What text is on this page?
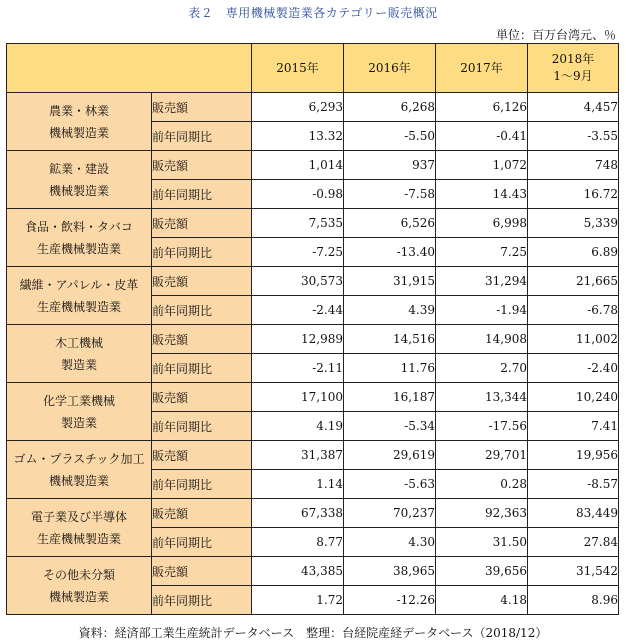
表２　専用機械製造業各カテゴリー販売概況
単位：百万台湾元、％
		2015年	2016年	2017年	2018年
1～9月
農業・林業
機械製造業	販売額	6,293	6,268	6,126	4,457
	前年同期比	13.32	-5.50	-0.41	-3.55
鉱業・建設
機械製造業	販売額	1,014	937	1,072	748
	前年同期比	-0.98	-7.58	14.43	16.72
食品・飲料・タバコ
生産機械製造業	販売額	7,535	6,526	6,998	5,339
	前年同期比	-7.25	-13.40	7.25	6.89
繊維・アパレル・皮革
生産機械製造業	販売額	30,573	31,915	31,294	21,665
	前年同期比	-2.44	4.39	-1.94	-6.78
木工機械
製造業	販売額	12,989	14,516	14,908	11,002
	前年同期比	-2.11	11.76	2.70	-2.40
化学工業機械
製造業	販売額	17,100	16,187	13,344	10,240
	前年同期比	4.19	-5.34	-17.56	7.41
ゴム・プラスチック加工
機械製造業	販売額	31,387	29,619	29,701	19,956
	前年同期比	1.14	-5.63	0.28	-8.57
電子業及び半導体
生産機械製造業	販売額	67,338	70,237	92,363	83,449
	前年同期比	8.77	4.30	31.50	27.84
その他未分類
機械製造業	販売額	43,385	38,965	39,656	31,542
	前年同期比	1.72	-12.26	4.18	8.96
資料：経済部工業生産統計データベース　整理：台経院産経データベース（2018/12）
